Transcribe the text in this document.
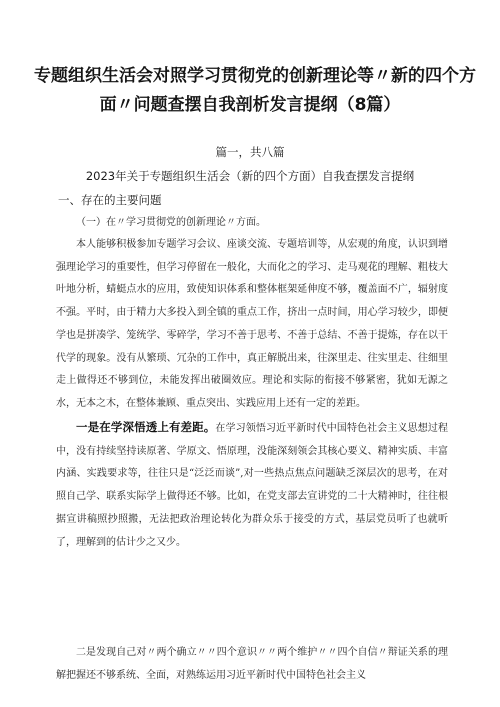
专题组织生活会对照学习贯彻党的创新理论等〃新的四个方
面〃问题查摆自我剖析发言提纲（8篇）
篇一，共八篇
2023年关于专题组织生活会（新的四个方面）自我查摆发言提纲
一、存在的主要问题

（一）在〃学习贯彻党的创新理论〃方面。

本人能够积极参加专题学习会议、座谈交流、专题培训等，从宏观的角度，认识到增强理论学习的重要性，但学习停留在一般化，大而化之的学习、走马观花的理解、粗枝大叶地分析，蜻蜓点水的应用，致使知识体系和整体框架延伸度不够，覆盖面不广，辐射度不强。平时，由于精力大多投入到全镇的重点工作，挤出一点时间，用心学习较少，即便学也是拼凑学、笼统学、零碎学，学习不善于思考、不善于总结、不善于提炼，存在以干代学的现象。没有从繁琐、冗杂的工作中，真正解脱出来，往深里走、往实里走、往细里走上做得还不够到位，未能发挥出破圈效应。理论和实际的衔接不够紧密，犹如无源之水，无本之木，在整体兼顾、重点突出、实践应用上还有一定的差距。

一是在学深悟透上有差距。在学习领悟习近平新时代中国特色社会主义思想过程中，没有持续坚持读原著、学原文、悟原理，没能深刻领会其核心要义、精神实质、丰富内涵、实践要求等，往往只是“泛泛而谈”,对一些热点焦点问题缺乏深层次的思考，在对照自己学、联系实际学上做得还不够。比如，在党支部去宣讲党的二十大精神时，往往根据宣讲稿照抄照搬，无法把政治理论转化为群众乐于接受的方式，基层党员听了也就听了，理解到的估计少之又少。

二是发现自己对〃两个确立〃〃四个意识〃〃两个维护〃〃四个自信〃辩证关系的理解把握还不够系统、全面，对熟练运用习近平新时代中国特色社会主义
